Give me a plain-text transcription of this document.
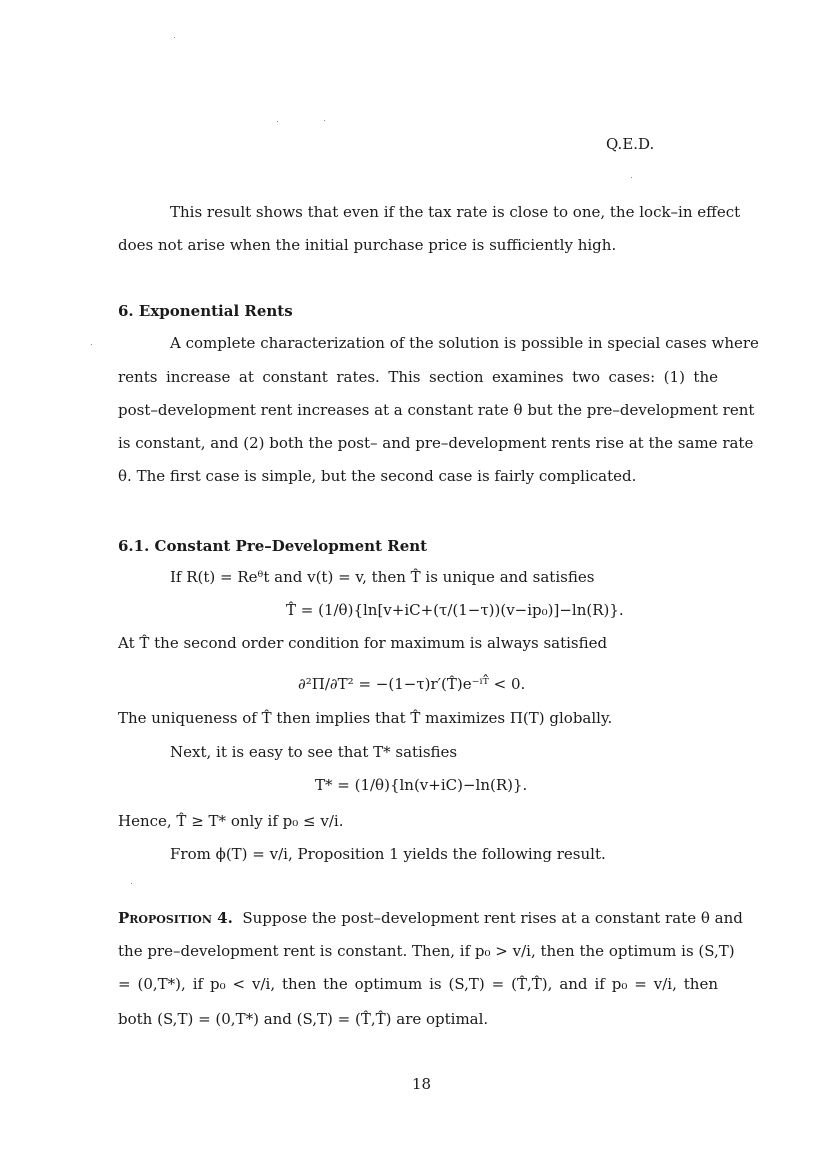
Q.E.D.
This result shows that even if the tax rate is close to one, the lock–in effect
does not arise when the initial purchase price is sufficiently high.
6. Exponential Rents
A complete characterization of the solution is possible in special cases where
rents increase at constant rates. This section examines two cases: (1) the
post–development rent increases at a constant rate θ but the pre–development rent
is constant, and (2) both the post– and pre–development rents rise at the same rate
θ. The first case is simple, but the second case is fairly complicated.
6.1. Constant Pre–Development Rent
If R(t) = Reᶿt and v(t) = v, then T̂ is unique and satisfies
T̂ = (1/θ){ln[v+iC+(τ/(1−τ))(v−ip₀)]−ln(R)}.
At T̂ the second order condition for maximum is always satisfied
∂²Π/∂T² = −(1−τ)r′(T̂)e⁻ⁱᵀ̂ < 0.
The uniqueness of T̂ then implies that T̂ maximizes Π(T) globally.
Next, it is easy to see that T* satisfies
T* = (1/θ){ln(v+iC)−ln(R)}.
Hence, T̂ ≥ T* only if p₀ ≤ v/i.
From ϕ(T) = v/i, Proposition 1 yields the following result.
Proposition 4. Suppose the post–development rent rises at a constant rate θ and
the pre–development rent is constant. Then, if p₀ > v/i, then the optimum is (S,T)
= (0,T*), if p₀ < v/i, then the optimum is (S,T) = (T̂,T̂), and if p₀ = v/i, then
both (S,T) = (0,T*) and (S,T) = (T̂,T̂) are optimal.
18
